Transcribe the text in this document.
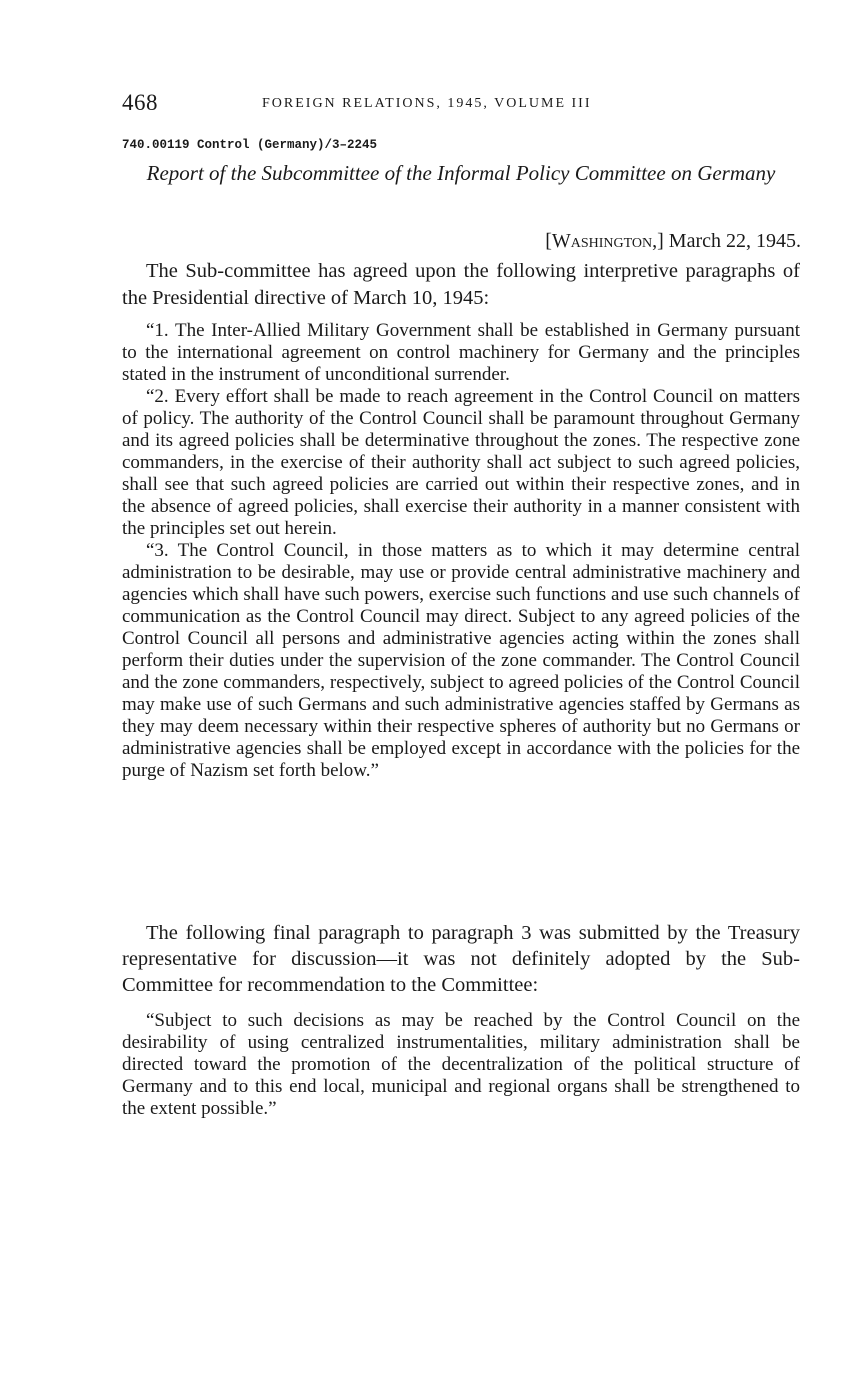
468	FOREIGN RELATIONS, 1945, VOLUME III
740.00119 Control (Germany)/3–2245
Report of the Subcommittee of the Informal Policy Committee on Germany
[Washington,] March 22, 1945.

The Sub-committee has agreed upon the following interpretive paragraphs of the Presidential directive of March 10, 1945:

“1. The Inter-Allied Military Government shall be established in Germany pursuant to the international agreement on control machinery for Germany and the principles stated in the instrument of unconditional surrender.

“2. Every effort shall be made to reach agreement in the Control Council on matters of policy. The authority of the Control Council shall be paramount throughout Germany and its agreed policies shall be determinative throughout the zones. The respective zone commanders, in the exercise of their authority shall act subject to such agreed policies, shall see that such agreed policies are carried out within their respective zones, and in the absence of agreed policies, shall exercise their authority in a manner consistent with the principles set out herein.

“3. The Control Council, in those matters as to which it may determine central administration to be desirable, may use or provide central administrative machinery and agencies which shall have such powers, exercise such functions and use such channels of communication as the Control Council may direct. Subject to any agreed policies of the Control Council all persons and administrative agencies acting within the zones shall perform their duties under the supervision of the zone commander. The Control Council and the zone commanders, respectively, subject to agreed policies of the Control Council may make use of such Germans and such administrative agencies staffed by Germans as they may deem necessary within their respective spheres of authority but no Germans or administrative agencies shall be employed except in accordance with the policies for the purge of Nazism set forth below.”

The following final paragraph to paragraph 3 was submitted by the Treasury representative for discussion—it was not definitely adopted by the Sub-Committee for recommendation to the Committee:

“Subject to such decisions as may be reached by the Control Council on the desirability of using centralized instrumentalities, military administration shall be directed toward the promotion of the decentralization of the political structure of Germany and to this end local, municipal and regional organs shall be strengthened to the extent possible.”
